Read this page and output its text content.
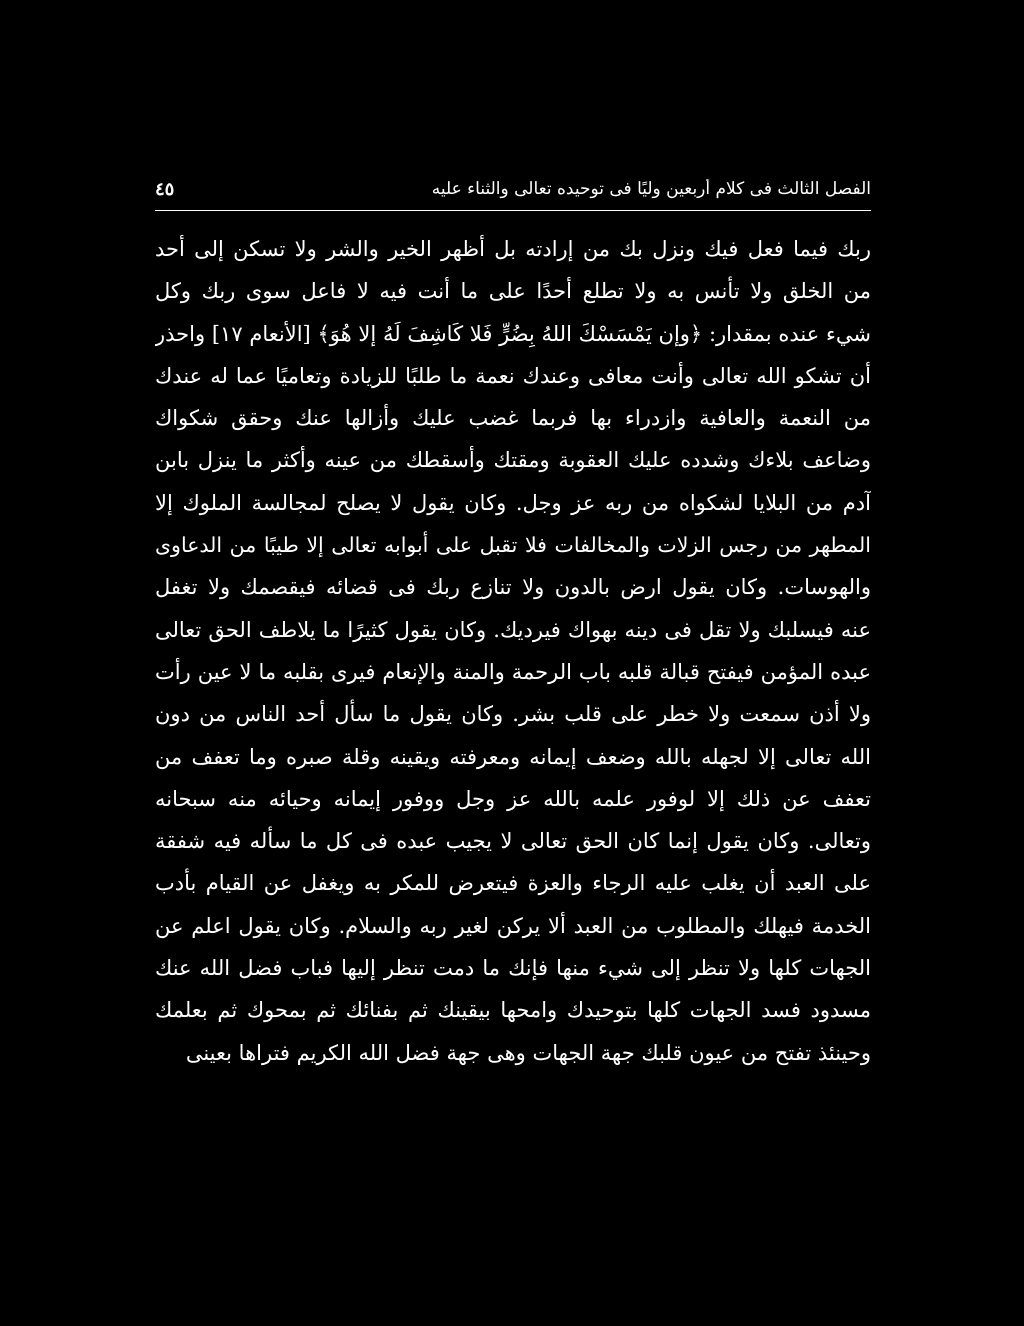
الفصل الثالث فى كلام أربعين وليًا فى توحيده تعالى والثناء عليه
٤٥
ربك فيما فعل فيك ونزل بك من إرادته بل أظهر الخير والشر ولا تسكن إلى أحد
من الخلق ولا تأنس به ولا تطلع أحدًا على ما أنت فيه لا فاعل سوى ربك وكل
شيء عنده بمقدار: ﴿وإن يَمْسَسْكَ اللهُ بِضُرٍّ فَلا كَاشِفَ لَهُ إلا هُوَ﴾ [الأنعام ١٧] واحذر
أن تشكو الله تعالى وأنت معافى وعندك نعمة ما طلبًا للزيادة وتعاميًا عما له عندك
من النعمة والعافية وازدراء بها فربما غضب عليك وأزالها عنك وحقق شكواك
وضاعف بلاءك وشدده عليك العقوبة ومقتك وأسقطك من عينه وأكثر ما ينزل بابن
آدم من البلايا لشكواه من ربه عز وجل. وكان يقول لا يصلح لمجالسة الملوك إلا
المطهر من رجس الزلات والمخالفات فلا تقبل على أبوابه تعالى إلا طيبًا من الدعاوى
والهوسات. وكان يقول ارض بالدون ولا تنازع ربك فى قضائه فيقصمك ولا تغفل
عنه فيسلبك ولا تقل فى دينه بهواك فيرديك. وكان يقول كثيرًا ما يلاطف الحق تعالى
عبده المؤمن فيفتح قبالة قلبه باب الرحمة والمنة والإنعام فيرى بقلبه ما لا عين رأت
ولا أذن سمعت ولا خطر على قلب بشر. وكان يقول ما سأل أحد الناس من دون
الله تعالى إلا لجهله بالله وضعف إيمانه ومعرفته ويقينه وقلة صبره وما تعفف من
تعفف عن ذلك إلا لوفور علمه بالله عز وجل ووفور إيمانه وحيائه منه سبحانه
وتعالى. وكان يقول إنما كان الحق تعالى لا يجيب عبده فى كل ما سأله فيه شفقة
على العبد أن يغلب عليه الرجاء والعزة فيتعرض للمكر به ويغفل عن القيام بأدب
الخدمة فيهلك والمطلوب من العبد ألا يركن لغير ربه والسلام. وكان يقول اعلم عن
الجهات كلها ولا تنظر إلى شيء منها فإنك ما دمت تنظر إليها فباب فضل الله عنك
مسدود فسد الجهات كلها بتوحيدك وامحها بيقينك ثم بفنائك ثم بمحوك ثم بعلمك
وحينئذ تفتح من عيون قلبك جهة الجهات وهى جهة فضل الله الكريم فتراها بعينى
